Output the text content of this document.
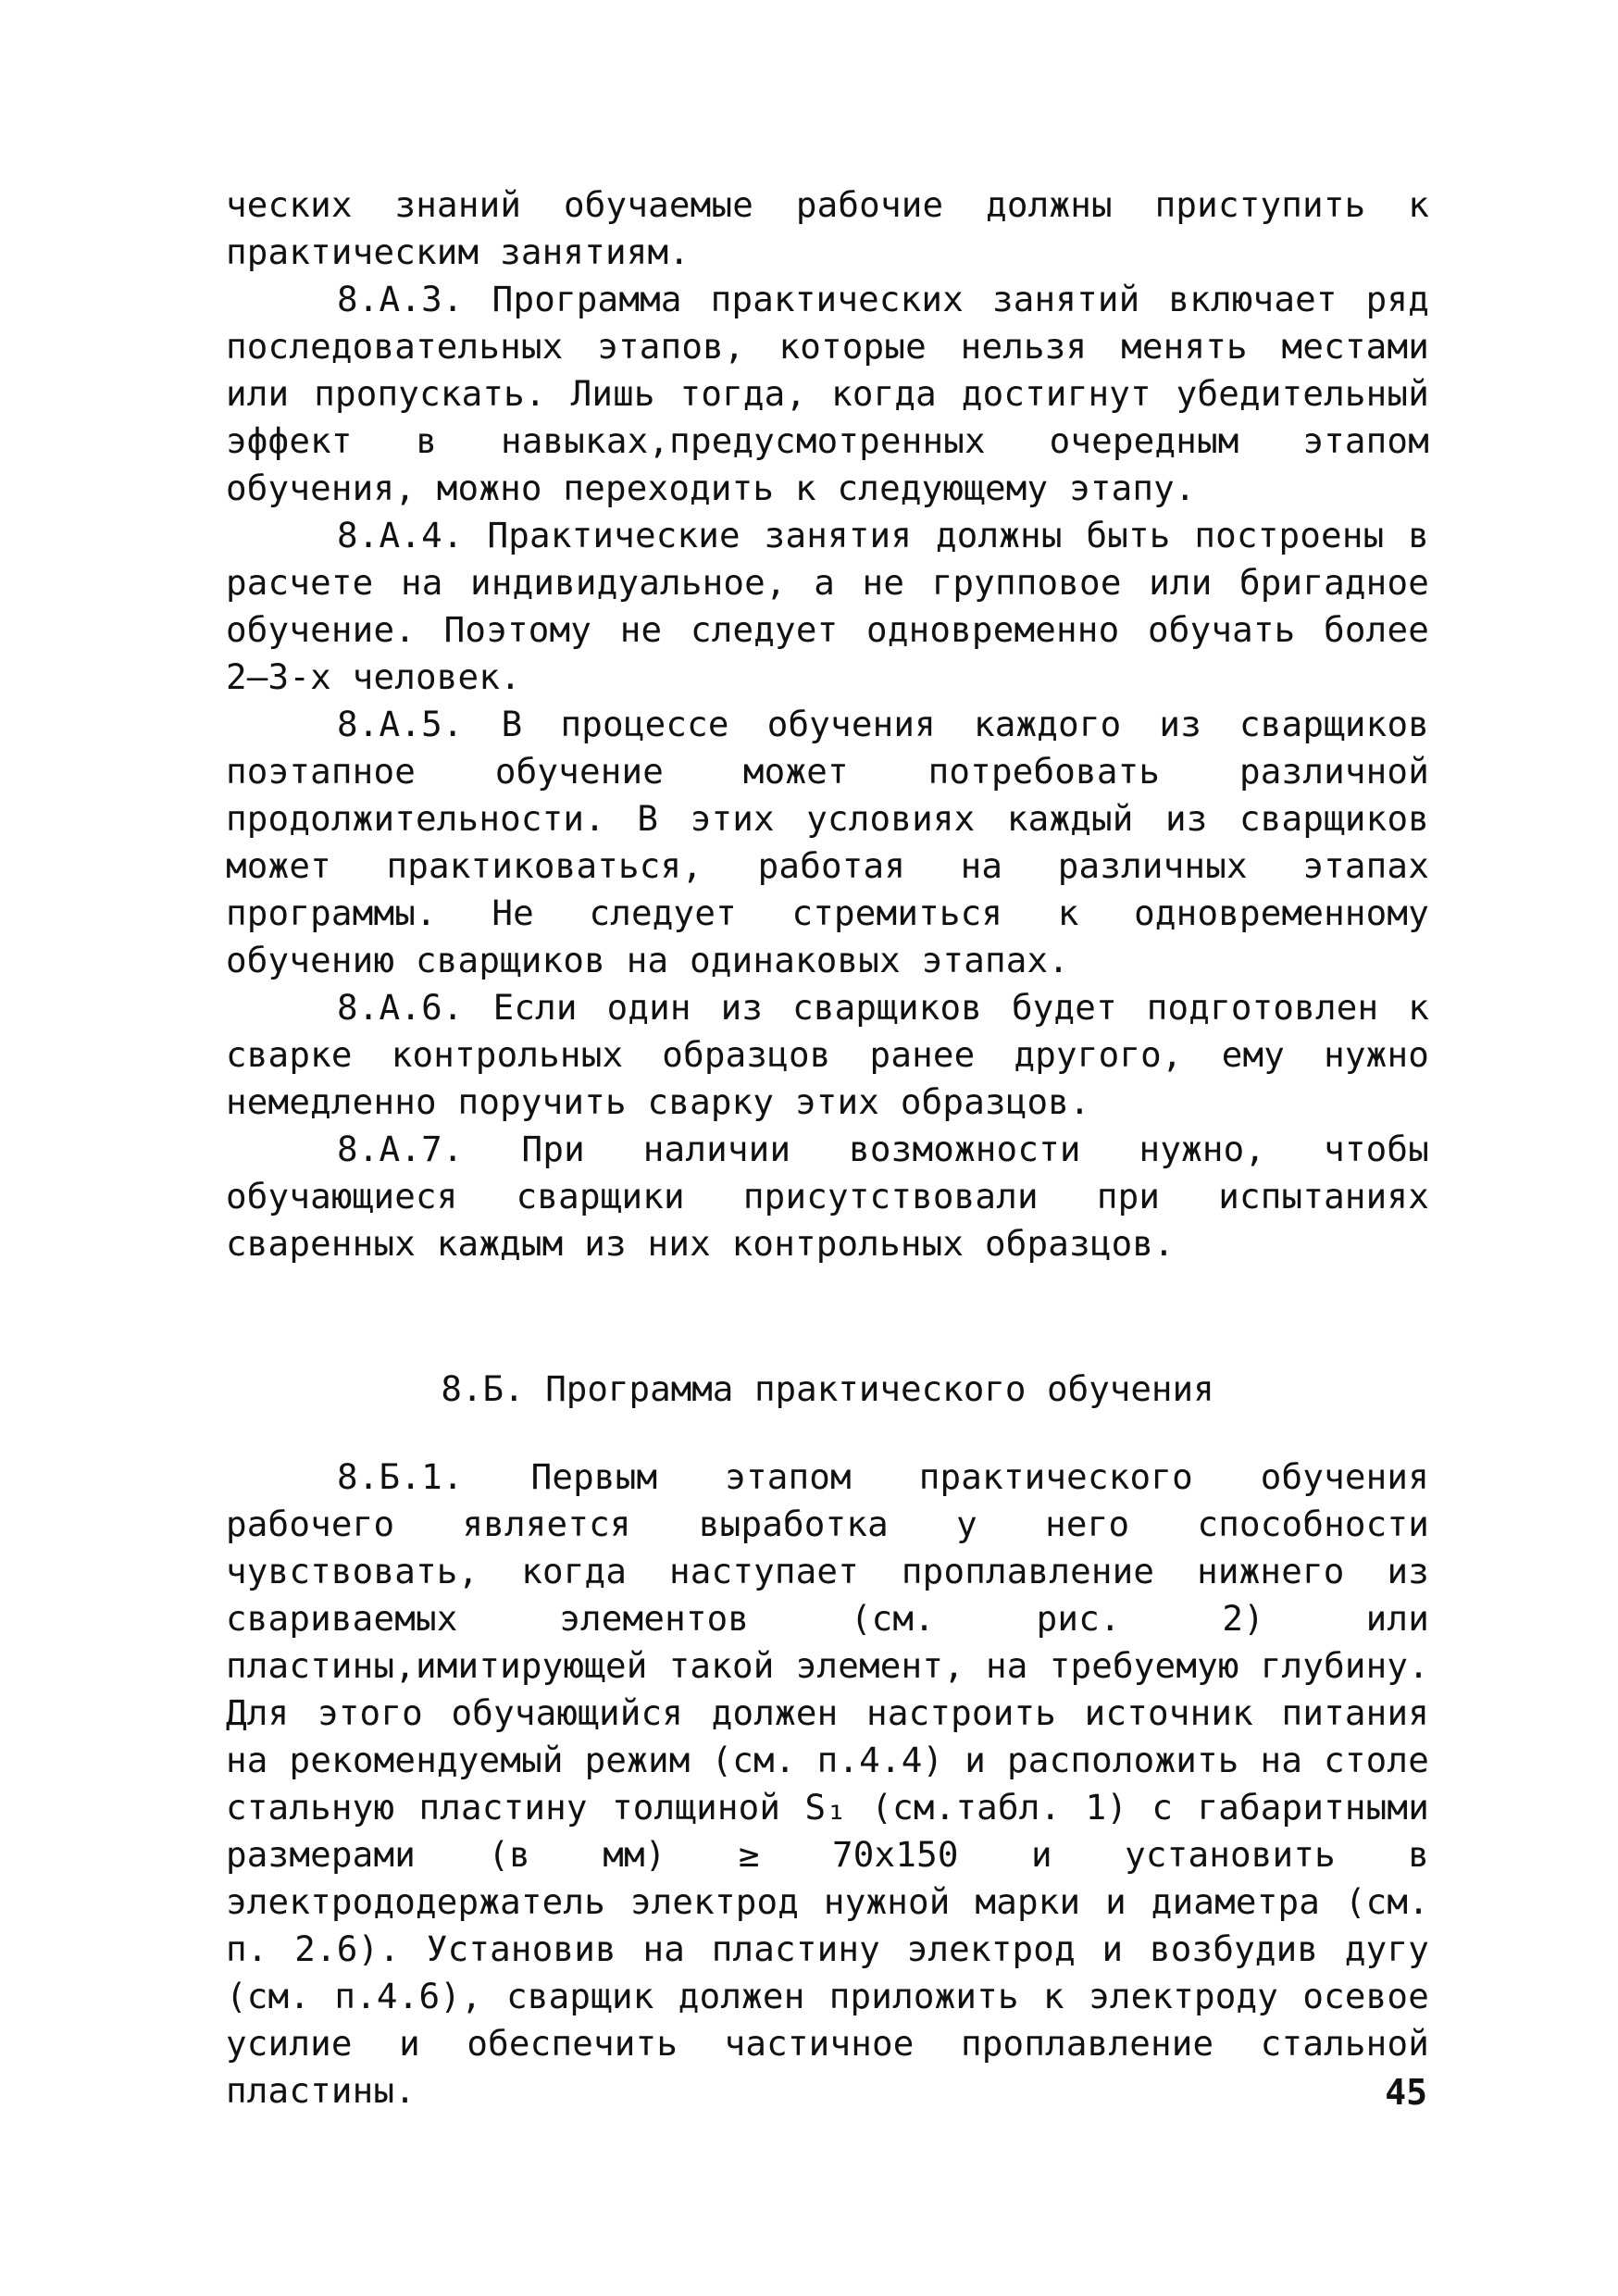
ческих знаний обучаемые рабочие должны приступить к практическим занятиям.

8.А.3. Программа практических занятий включает ряд последовательных этапов, которые нельзя менять местами или пропускать. Лишь тогда, когда достигнут убедительный эффект в навыках,предусмотренных очередным этапом обучения, можно переходить к следующему этапу.

8.А.4. Практические занятия должны быть построены в расчете на индивидуальное, а не групповое или бригадное обучение. Поэтому не следует одновременно обучать более 2–3-х человек.

8.А.5. В процессе обучения каждого из сварщиков поэтапное обучение может потребовать различной продолжительности. В этих условиях каждый из сварщиков может практиковаться, работая на различных этапах программы. Не следует стремиться к одновременному обучению сварщиков на одинаковых этапах.

8.А.6. Если один из сварщиков будет подготовлен к сварке контрольных образцов ранее другого, ему нужно немедленно поручить сварку этих образцов.

8.А.7. При наличии возможности нужно, чтобы обучающиеся сварщики присутствовали при испытаниях сваренных каждым из них контрольных образцов.

8.Б. Программа практического обучения

8.Б.1. Первым этапом практического обучения рабочего является выработка у него способности чувствовать, когда наступает проплавление нижнего из свариваемых элементов (см. рис. 2) или пластины,имитирующей такой элемент, на требуемую глубину. Для этого обучающийся должен настроить источник питания на рекомендуемый режим (см. п.4.4) и расположить на столе стальную пластину толщиной S₁ (см.табл. 1) с габаритными размерами (в мм) ≥ 70х150 и установить в электрододержатель электрод нужной марки и диаметра (см. п. 2.6). Установив на пластину электрод и возбудив дугу (см. п.4.6), сварщик должен приложить к электроду осевое усилие и обеспечить частичное проплавление стальной пластины.	45
